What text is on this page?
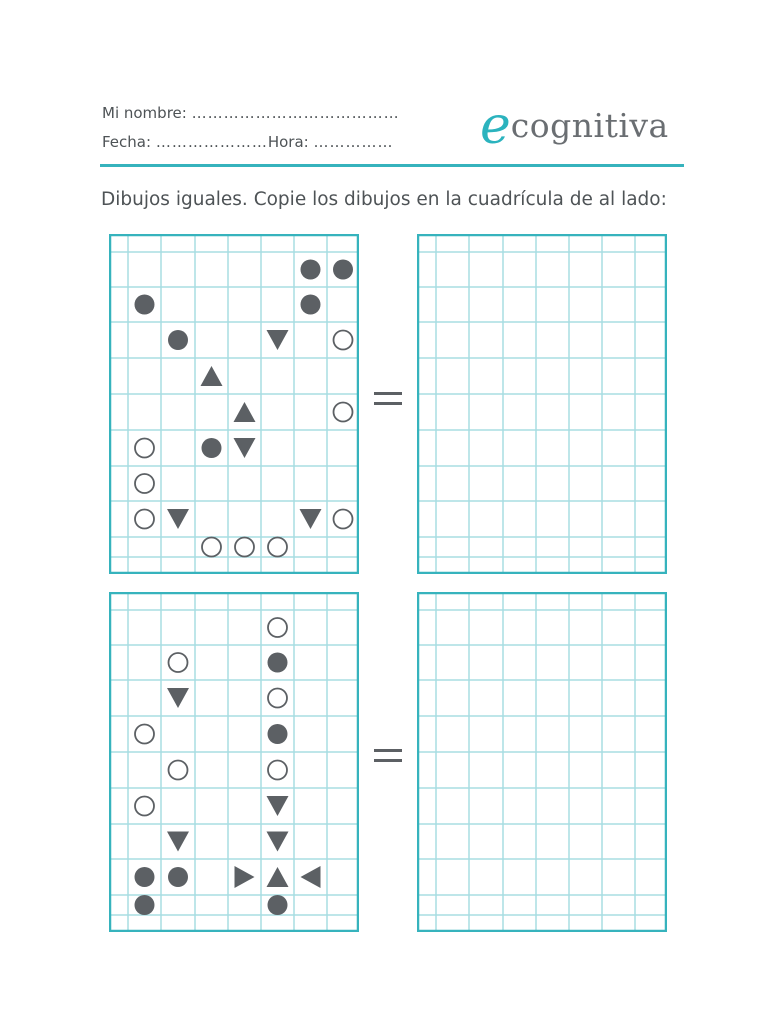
Mi nombre: …………………………………
Fecha: …………………Hora: …………… ecognitiva
Dibujos iguales. Copie los dibujos en la cuadrícula de al lado:
